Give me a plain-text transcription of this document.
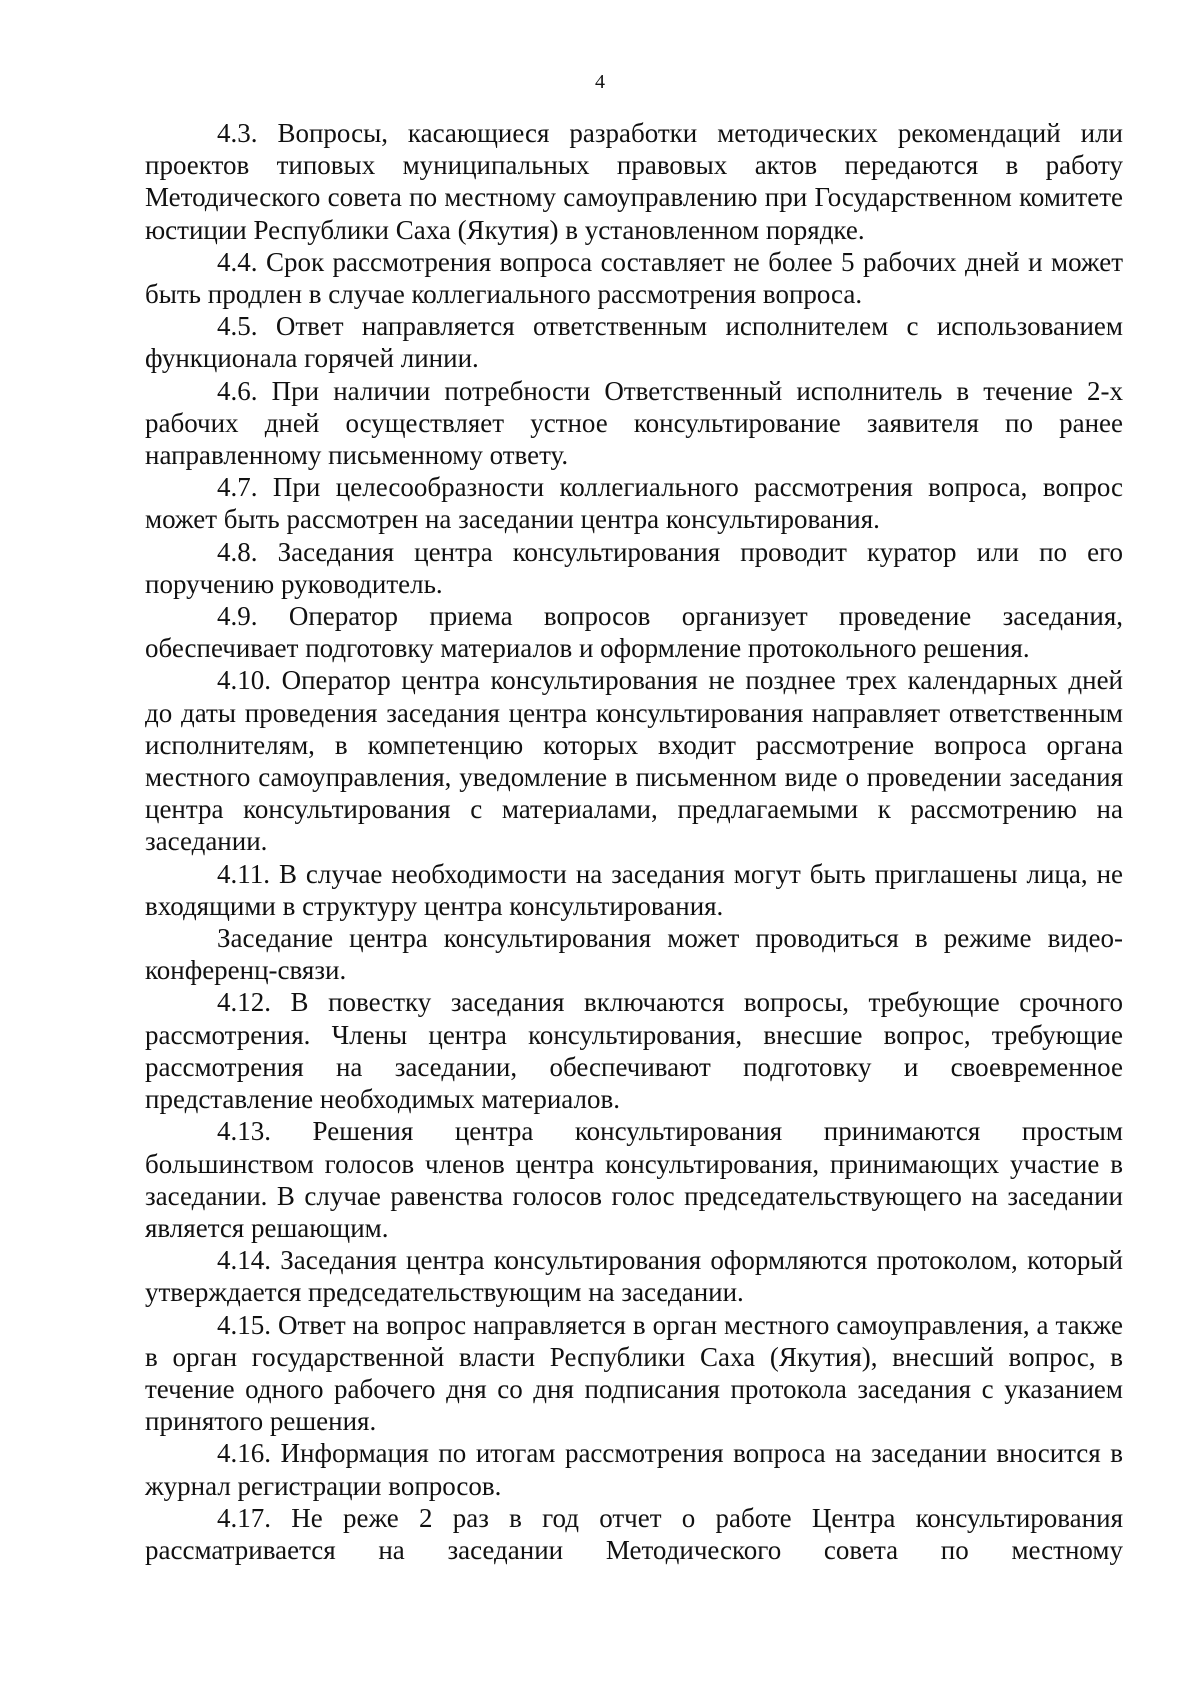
4

4.3. Вопросы, касающиеся разработки методических рекомендаций или проектов типовых муниципальных правовых актов передаются в работу Методического совета по местному самоуправлению при Государственном комитете юстиции Республики Саха (Якутия) в установленном порядке.

4.4. Срок рассмотрения вопроса составляет не более 5 рабочих дней и может быть продлен в случае коллегиального рассмотрения вопроса.

4.5. Ответ направляется ответственным исполнителем с использованием функционала горячей линии.

4.6. При наличии потребности Ответственный исполнитель в течение 2-х рабочих дней осуществляет устное консультирование заявителя по ранее направленному письменному ответу.

4.7. При целесообразности коллегиального рассмотрения вопроса, вопрос может быть рассмотрен на заседании центра консультирования.

4.8. Заседания центра консультирования проводит куратор или по его поручению руководитель.

4.9. Оператор приема вопросов организует проведение заседания, обеспечивает подготовку материалов и оформление протокольного решения.

4.10. Оператор центра консультирования не позднее трех календарных дней до даты проведения заседания центра консультирования направляет ответственным исполнителям, в компетенцию которых входит рассмотрение вопроса органа местного самоуправления, уведомление в письменном виде о проведении заседания центра консультирования с материалами, предлагаемыми к рассмотрению на заседании.

4.11. В случае необходимости на заседания могут быть приглашены лица, не входящими в структуру центра консультирования.

Заседание центра консультирования может проводиться в режиме видео-конференц-связи.

4.12. В повестку заседания включаются вопросы, требующие срочного рассмотрения. Члены центра консультирования, внесшие вопрос, требующие рассмотрения на заседании, обеспечивают подготовку и своевременное представление необходимых материалов.

4.13. Решения центра консультирования принимаются простым большинством голосов членов центра консультирования, принимающих участие в заседании. В случае равенства голосов голос председательствующего на заседании является решающим.

4.14. Заседания центра консультирования оформляются протоколом, который утверждается председательствующим на заседании.

4.15. Ответ на вопрос направляется в орган местного самоуправления, а также в орган государственной власти Республики Саха (Якутия), внесший вопрос, в течение одного рабочего дня со дня подписания протокола заседания с указанием принятого решения.

4.16. Информация по итогам рассмотрения вопроса на заседании вносится в журнал регистрации вопросов.

4.17. Не реже 2 раз в год отчет о работе Центра консультирования рассматривается на заседании Методического совета по местному
